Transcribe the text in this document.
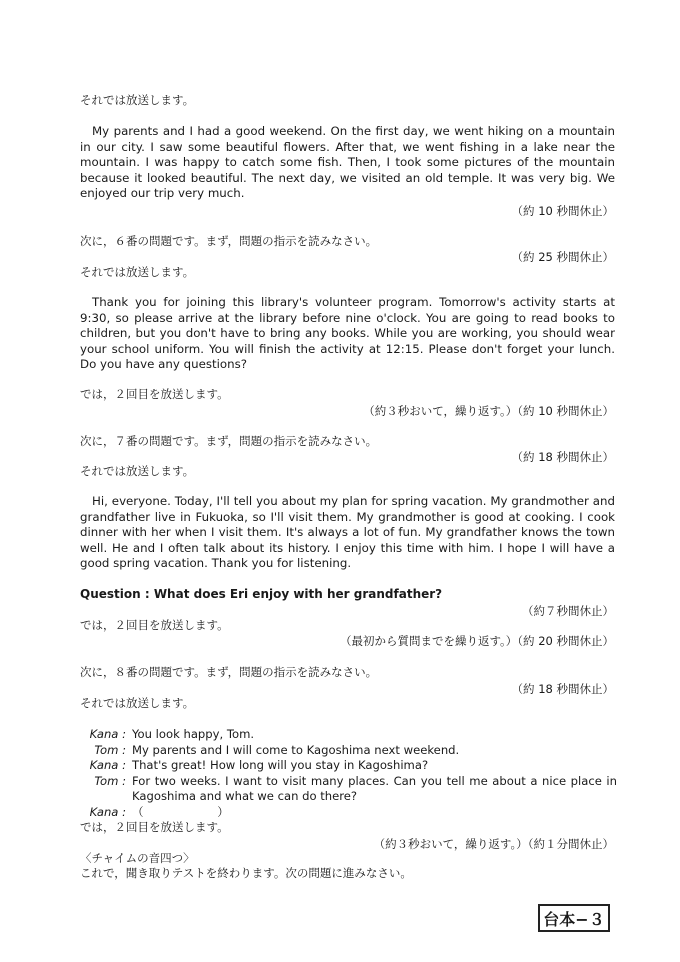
それでは放送します。
My parents and I had a good weekend. On the first day, we went hiking on a mountain in our city. I saw some beautiful flowers. After that, we went fishing in a lake near the mountain. I was happy to catch some fish. Then, I took some pictures of the mountain because it looked beautiful. The next day, we visited an old temple. It was very big. We enjoyed our trip very much.
（約 10 秒間休止）
次に，６番の問題です。まず，問題の指示を読みなさい。
（約 25 秒間休止）
それでは放送します。
Thank you for joining this library's volunteer program. Tomorrow's activity starts at 9:30, so please arrive at the library before nine o'clock. You are going to read books to children, but you don't have to bring any books. While you are working, you should wear your school uniform. You will finish the activity at 12:15. Please don't forget your lunch. Do you have any questions?
では，２回目を放送します。
（約３秒おいて，繰り返す。）（約 10 秒間休止）
次に，７番の問題です。まず，問題の指示を読みなさい。
（約 18 秒間休止）
それでは放送します。
Hi, everyone. Today, I'll tell you about my plan for spring vacation. My grandmother and grandfather live in Fukuoka, so I'll visit them. My grandmother is good at cooking. I cook dinner with her when I visit them. It's always a lot of fun. My grandfather knows the town well. He and I often talk about its history. I enjoy this time with him. I hope I will have a good spring vacation. Thank you for listening.
Question : What does Eri enjoy with her grandfather?
（約７秒間休止）
では，２回目を放送します。
（最初から質問までを繰り返す。）（約 20 秒間休止）
次に，８番の問題です。まず，問題の指示を読みなさい。
（約 18 秒間休止）
それでは放送します。
Kana : You look happy, Tom.
Tom : My parents and I will come to Kagoshima next weekend.
Kana : That's great! How long will you stay in Kagoshima?
Tom : For two weeks. I want to visit many places. Can you tell me about a nice place in Kagoshima and what we can do there?
Kana : （                    ）
では，２回目を放送します。
（約３秒おいて，繰り返す。）（約１分間休止）
〈チャイムの音四つ〉
これで，聞き取りテストを終わります。次の問題に進みなさい。
台本−３
